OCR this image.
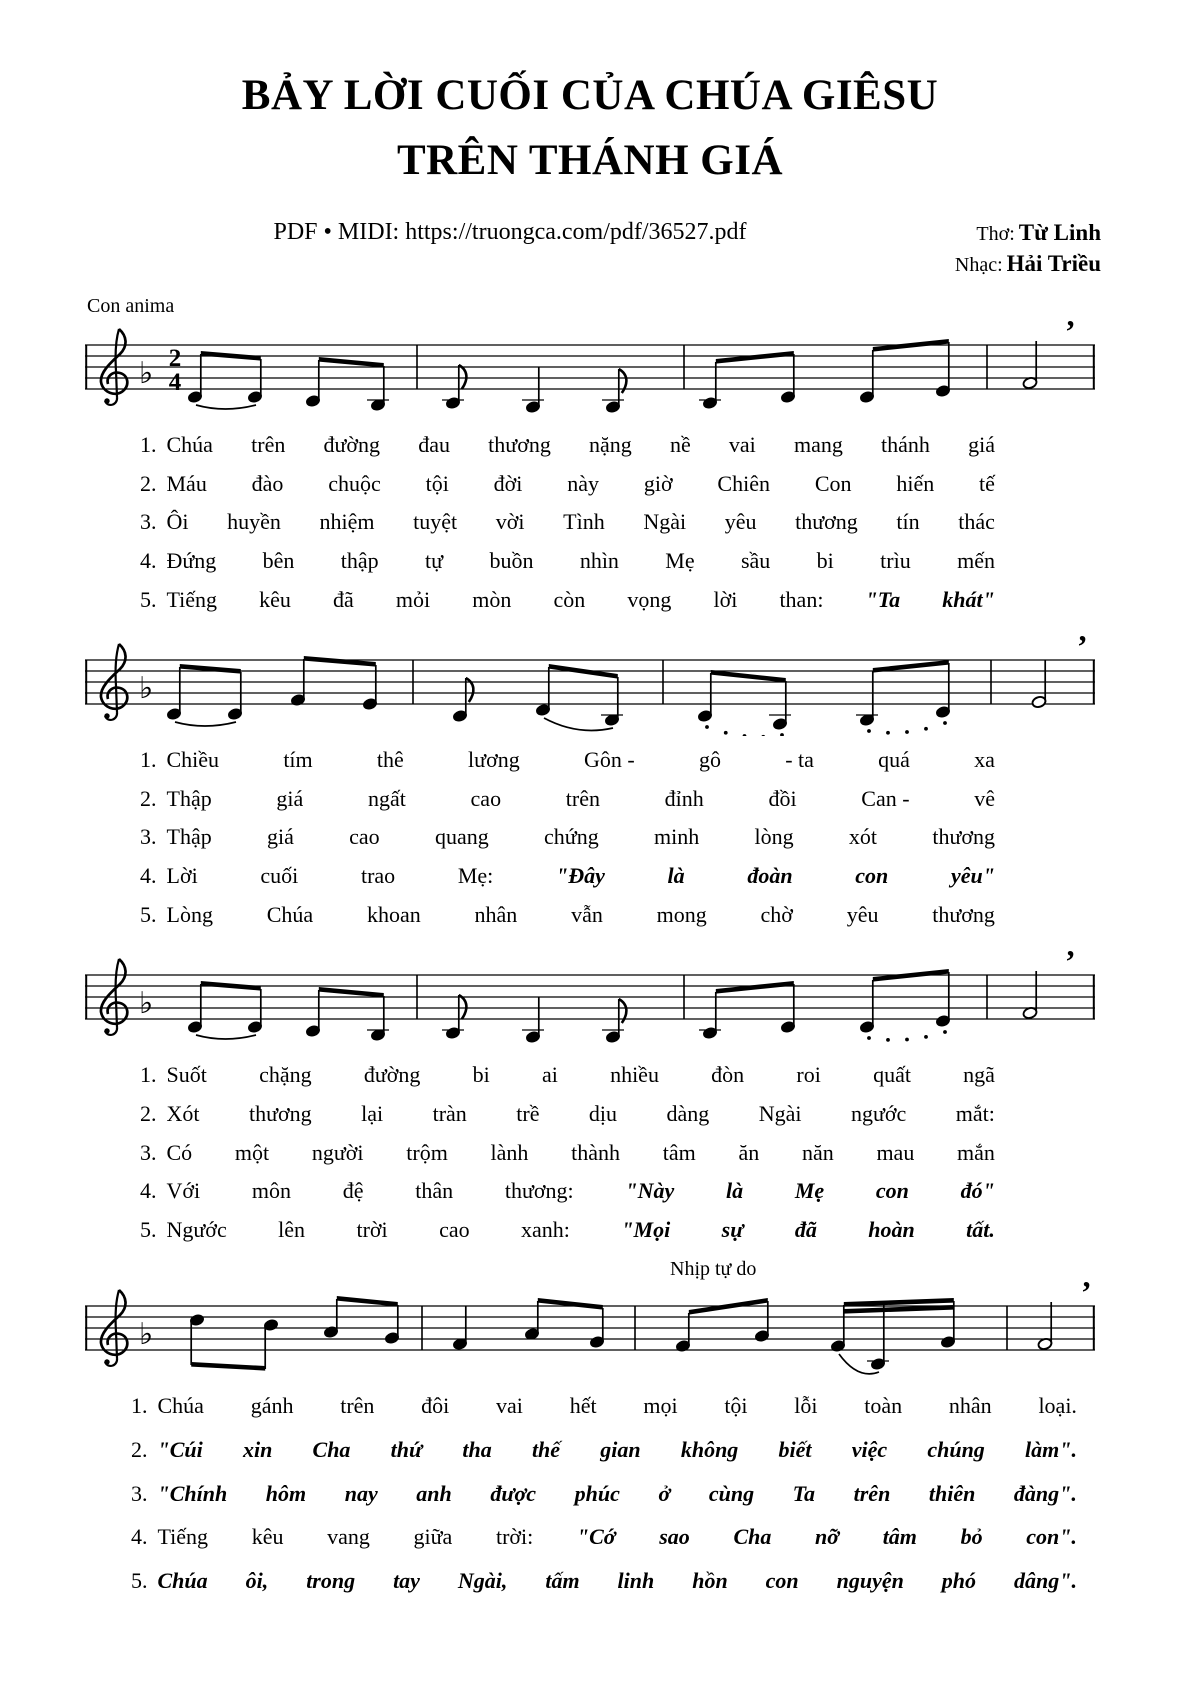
BẢY LỜI CUỐI CỦA CHÚA GIÊSU
TRÊN THÁNH GIÁ
PDF • MIDI: https://truongca.com/pdf/36527.pdf	Thơ: Từ Linh
Nhạc: Hải Triều
Con anima
♭ 2
4
’
1. Chúa trên đường đau thương nặng nề vai mang thánh giá
2. Máu đào chuộc tội đời này giờ Chiên Con hiến tế
3. Ôi huyền nhiệm tuyệt vời Tình Ngài yêu thương tín thác
4. Đứng bên thập tự buồn nhìn Mẹ sầu bi trìu mến
5. Tiếng kêu đã mỏi mòn còn vọng lời than: "Ta khát"
♭
’
1. Chiều	tím	thê	lương	Gôn -	gô	- ta	quá	xa
2. Thập	giá	ngất	cao	trên	đỉnh	đồi	Can -	vê
3. Thập	giá	cao	quang	chứng	minh	lòng	xót	thương
4. Lời	cuối	trao	Mẹ:	"Đây	là	đoàn	con	yêu"
5. Lòng Chúa khoan nhân vẫn mong chờ yêu thương
♭
’
1. Suốt chặng đường bi ai nhiều đòn roi quất ngã
2. Xót thương lại tràn trề dịu dàng Ngài ngước mắt:
3. Có một người trộm lành thành tâm ăn năn mau mắn
4. Với môn đệ thân thương: "Này là Mẹ con đó"
5. Ngước lên trời cao xanh: "Mọi sự đã hoàn tất.
Nhịp tự do
♭
’
1. Chúa gánh trên đôi vai hết mọi tội lỗi toàn nhân loại.
2. "Cúi xin Cha thứ tha thế gian không biết việc chúng làm".
3. "Chính hôm nay anh được phúc ở cùng Ta trên thiên đàng".
4. Tiếng kêu vang giữa trời: "Cớ sao Cha nỡ tâm bỏ con".
5. Chúa ôi, trong tay Ngài, tấm linh hồn con nguyện phó dâng".
